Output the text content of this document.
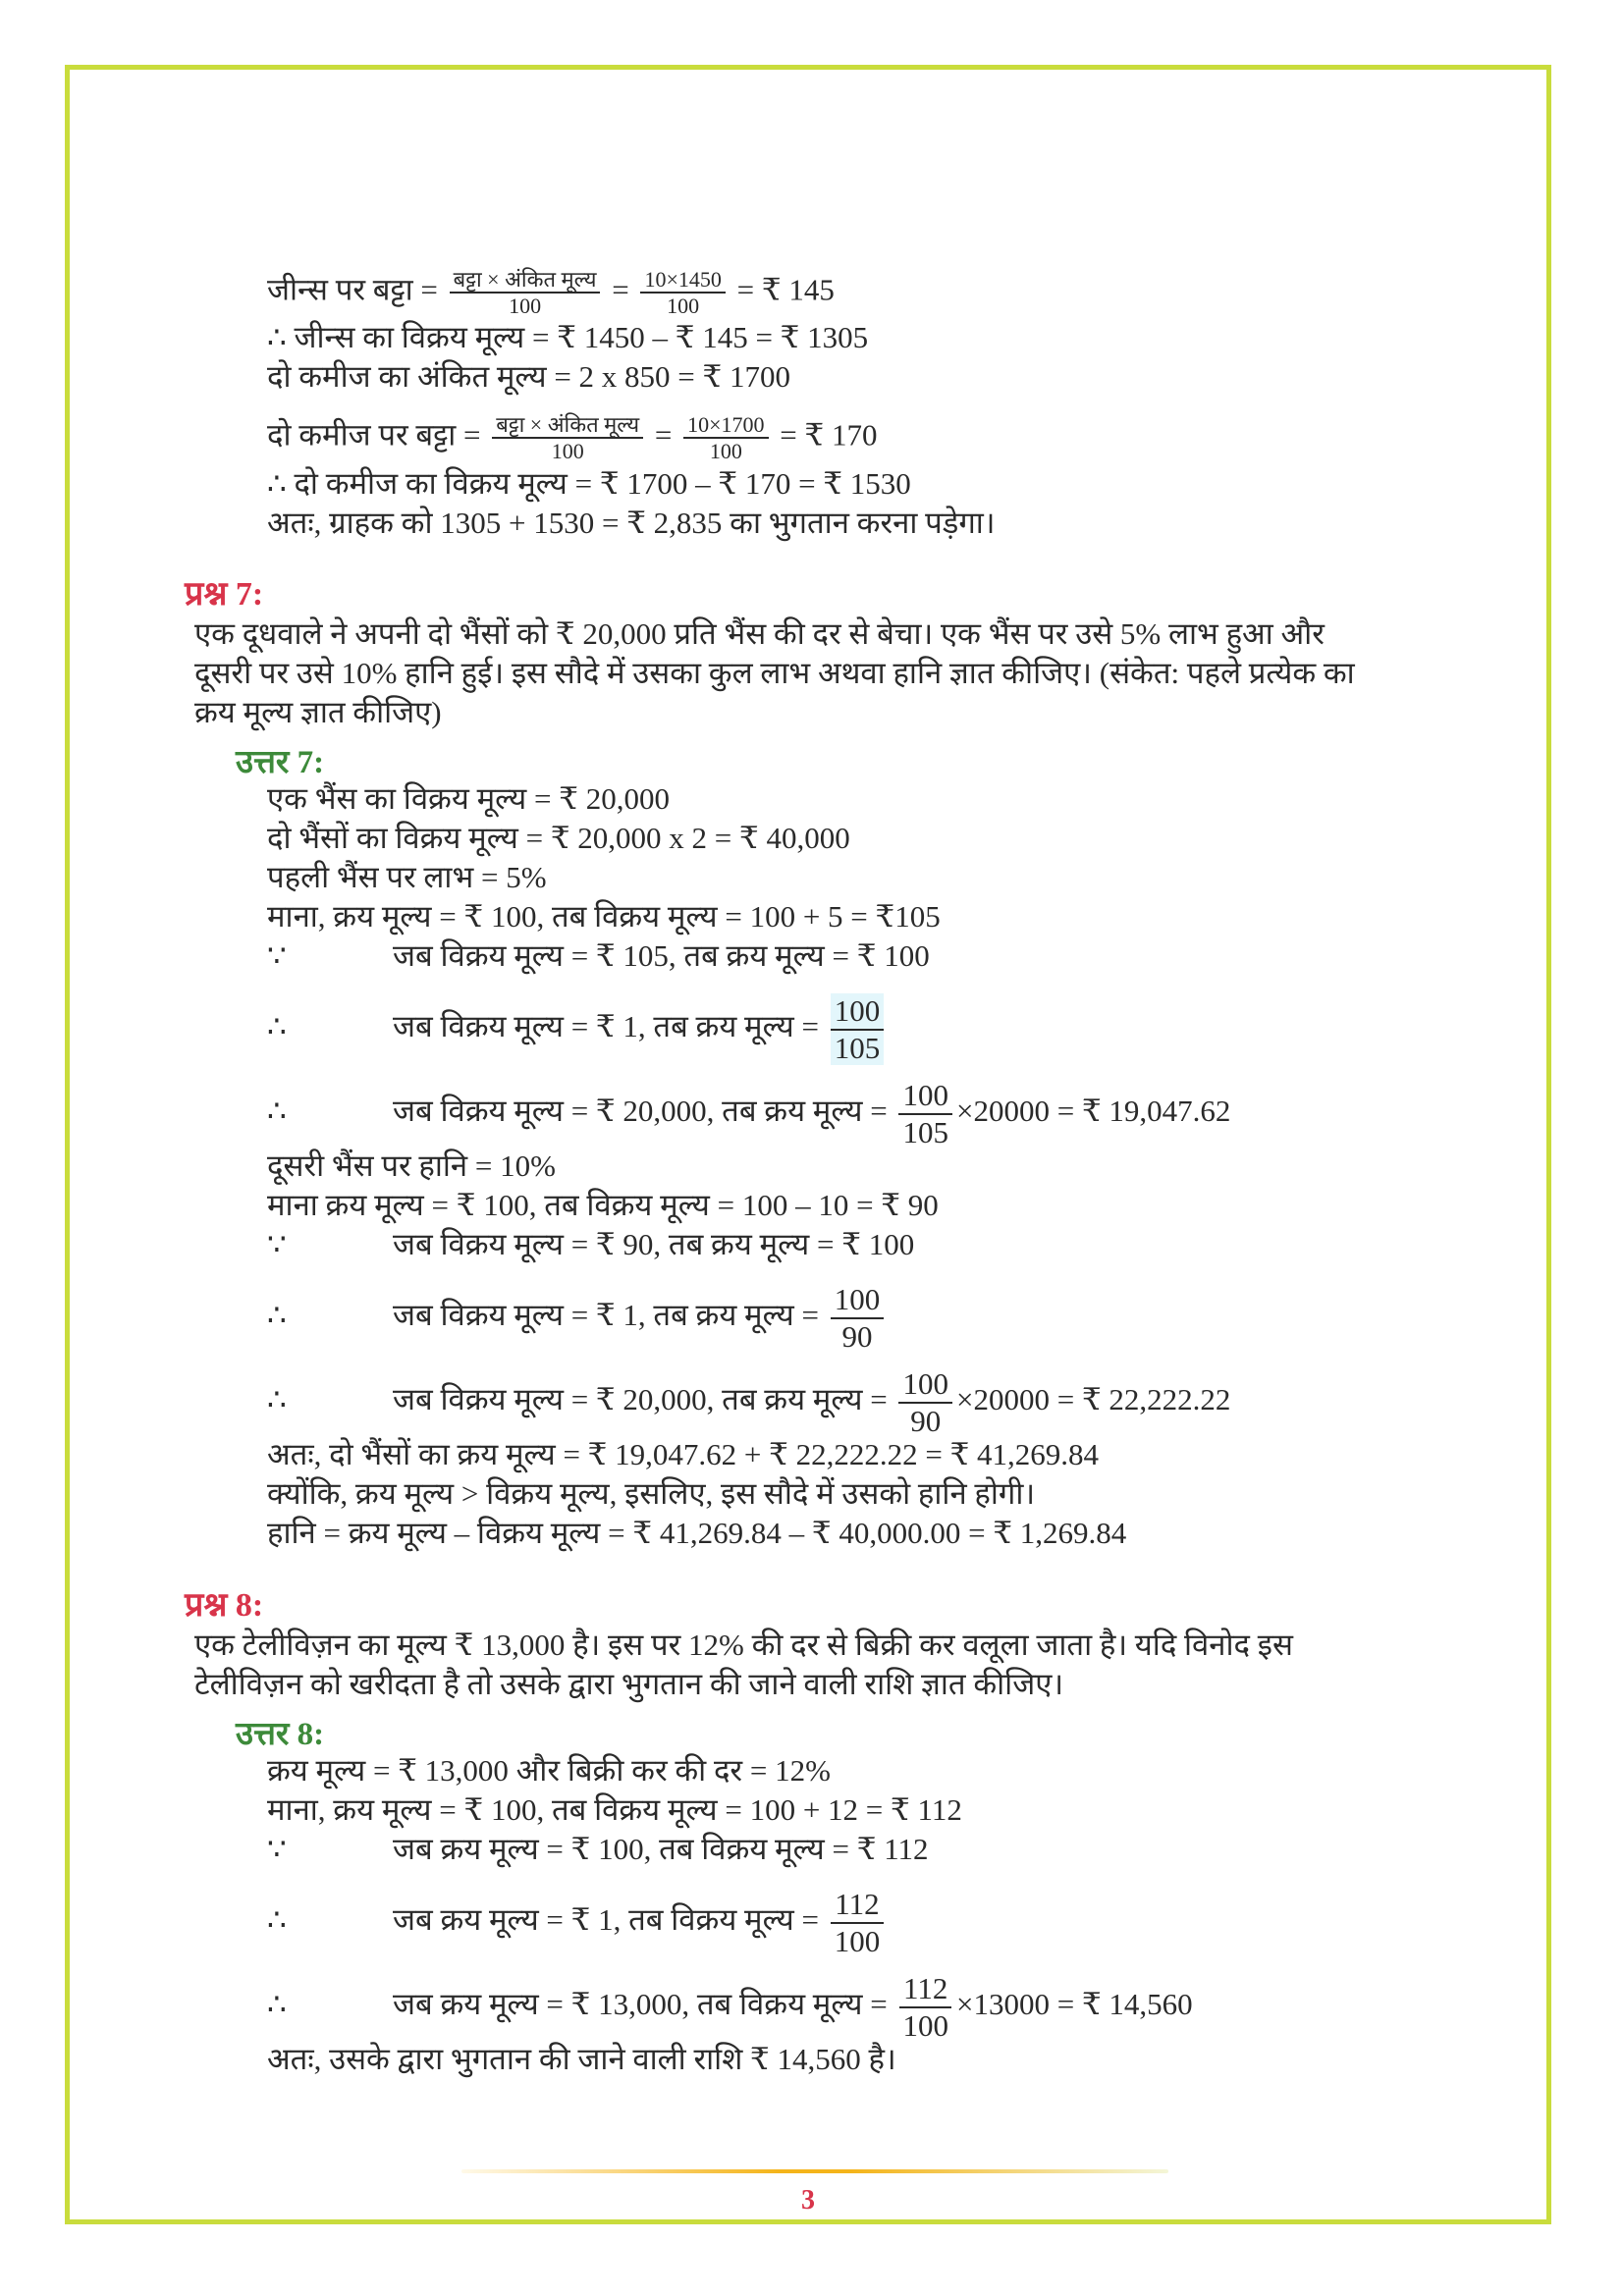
जीन्स पर बट्टा = $\frac{\text{बट्टा × अंकित मूल्य}}{100} = \frac{10\times 1450}{100}$ = ₹ 145
∴ जीन्स का विक्रय मूल्य = ₹ 1450 – ₹ 145 = ₹ 1305
दो कमीज का अंकित मूल्य = 2 x 850 = ₹ 1700
दो कमीज पर बट्टा = $\frac{\text{बट्टा × अंकित मूल्य}}{100} = \frac{10\times 1700}{100}$ = ₹ 170
∴ दो कमीज का विक्रय मूल्य = ₹ 1700 – ₹ 170 = ₹ 1530
अतः, ग्राहक को 1305 + 1530 = ₹ 2,835 का भुगतान करना पड़ेगा।
प्रश्न 7:
एक दूधवाले ने अपनी दो भैंसों को ₹ 20,000 प्रति भैंस की दर से बेचा। एक भैंस पर उसे 5% लाभ हुआ और
दूसरी पर उसे 10% हानि हुई। इस सौदे में उसका कुल लाभ अथवा हानि ज्ञात कीजिए। (संकेत: पहले प्रत्येक का
क्रय मूल्य ज्ञात कीजिए)
उत्तर 7:
एक भैंस का विक्रय मूल्य = ₹ 20,000
दो भैंसों का विक्रय मूल्य = ₹ 20,000 x 2 = ₹ 40,000
पहली भैंस पर लाभ = 5%
माना, क्रय मूल्य = ₹ 100, तब विक्रय मूल्य = 100 + 5 = ₹105
∵	जब विक्रय मूल्य = ₹ 105, तब क्रय मूल्य = ₹ 100
∴	जब विक्रय मूल्य = ₹ 1, तब क्रय मूल्य = $\frac{100}{105}$
∴	जब विक्रय मूल्य = ₹ 20,000, तब क्रय मूल्य = $\frac{100}{105} \times 20000$ = ₹ 19,047.62
दूसरी भैंस पर हानि = 10%
माना क्रय मूल्य = ₹ 100, तब विक्रय मूल्य = 100 – 10 = ₹ 90
∵	जब विक्रय मूल्य = ₹ 90, तब क्रय मूल्य = ₹ 100
∴	जब विक्रय मूल्य = ₹ 1, तब क्रय मूल्य = $\frac{100}{90}$
∴	जब विक्रय मूल्य = ₹ 20,000, तब क्रय मूल्य = $\frac{100}{90} \times 20000$ = ₹ 22,222.22
अतः, दो भैंसों का क्रय मूल्य = ₹ 19,047.62 + ₹ 22,222.22 = ₹ 41,269.84
क्योंकि, क्रय मूल्य > विक्रय मूल्य, इसलिए, इस सौदे में उसको हानि होगी।
हानि = क्रय मूल्य – विक्रय मूल्य = ₹ 41,269.84 – ₹ 40,000.00 = ₹ 1,269.84
प्रश्न 8:
एक टेलीविज़न का मूल्य ₹ 13,000 है। इस पर 12% की दर से बिक्री कर वलूला जाता है। यदि विनोद इस
टेलीविज़न को खरीदता है तो उसके द्वारा भुगतान की जाने वाली राशि ज्ञात कीजिए।
उत्तर 8:
क्रय मूल्य = ₹ 13,000 और बिक्री कर की दर = 12%
माना, क्रय मूल्य = ₹ 100, तब विक्रय मूल्य = 100 + 12 = ₹ 112
∵	जब क्रय मूल्य = ₹ 100, तब विक्रय मूल्य = ₹ 112
∴	जब क्रय मूल्य = ₹ 1, तब विक्रय मूल्य = $\frac{112}{100}$
∴	जब क्रय मूल्य = ₹ 13,000, तब विक्रय मूल्य = $\frac{112}{100} \times 13000$ = ₹ 14,560
अतः, उसके द्वारा भुगतान की जाने वाली राशि ₹ 14,560 है।
3
